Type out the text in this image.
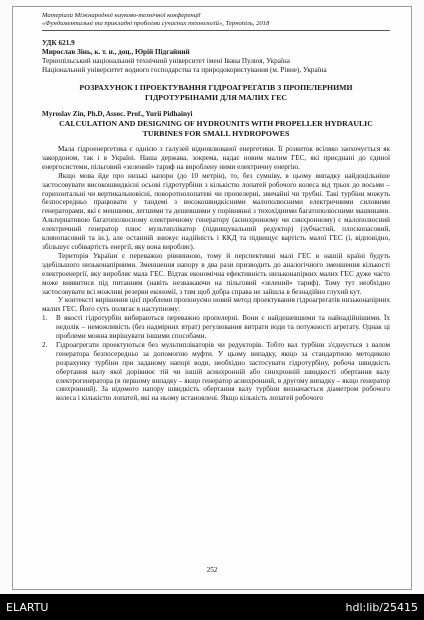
Матеріали Міжнародної науково-технічної конференції

«Фундаментальні та прикладні проблеми сучасних технологій», Тернопіль, 2018

УДК 621.9
Мирослав Зінь, к. т. н., доц., Юрій Підгайний
Тернопільський національний технічний університет імені Івана Пулюя, Україна
Національний університет водного господарства та природокористування (м. Рівне), Україна
РОЗРАХУНОК І ПРОЕКТУВАННЯ ГІДРОАГРЕГАТІВ З ПРОПЕЛЕРНИМИ ГІДРОТУРБІНАМИ ДЛЯ МАЛИХ ГЕС
Myroslav Zin, Ph.D, Assoc. Prof., Yurii Pidhainyi
CALCULATION AND DESIGNING OF HYDROUNITS WITH PROPELLER HYDRAULIC TURBINES FOR SMALL HYDROPOWES

Мала гідроенергетика є однією з галузей відновлюваної енергетики. Її розвиток всіляко заохочується як закордоном, так і в Україні. Наша держава, зокрема, надає новим малим ГЕС, які приєднані до єдиної енергосистеми, пільговий «зелений» тариф на вироблену ними електричну енергію.

Якщо мова йде про низькі напори (до 10 метрів), то, без сумніву, в цьому випадку найдоцільніше застосовувати високошвидкісні осьові гідротурбіни з кількістю лопатей робочого колеса від трьох до восьми – горизонтальні чи вертикальновісні, поворотнолопатеві чи пропелерні, звичайні чи трубні. Такі турбіни можуть безпосередньо працювати у тандемі з високошвидкісними малополюсними електричними силовими генераторами, які є меншими, легшими та дешевшими у порівнянні з тихохідними багатополюсними машинами. Альтернативою багатополюсному електричному генератору (асинхронному чи синхронному) є малополюсний електричний генератор плюс мультиплікатор (підвищувальний редуктор) (зубчастий, плоскопасовий, клинопасовий та ін.), але останній знижує надійність і ККД та підвищує вартість малої ГЕС (і, відповідно, збільшує собівартість енергії, яку вона виробляє).

Територія України є переважно рівнинною, тому й перспективні малі ГЕС в нашій країні будуть здебільшого низьконапірними. Зменшення напору в два рази призводить до аналогічного зменшення кількості електроенергії, яку виробляє мала ГЕС. Відтак економічна ефективність низьконапірних малих ГЕС дуже часто може виявитися під питанням (навіть незважаючи на пільговий «зелений» тариф). Тому тут необхідно застосовувати всі можливі резерви економії, з тим щоб добра справа не зайшла в безнадійно глухий кут.

У контексті вирішення цієї проблеми пропонуємо новий метод проектування гідроагрегатів низьконапірних малих ГЕС. Його суть полягає в наступному:

1. В якості гідротурбін вибираються переважно пропелерні. Вони є найдешевшими та найнадійнішими. Їх недолік – неможливість (без надмірних втрат) регулювання витрати води та потужності агрегату. Однак ці проблеми можна вирішувати іншими способами.
2. Гідроагрегати проектуються без мультиплікаторів чи редукторів. Тобто вал турбіни з'єднується з валом генератора безпосередньо за допомогою муфти. У цьому випадку, якщо за стандартною методикою розрахунку турбіни при заданому напорі води, необхідно застосувати гідротурбіну, робоча швидкість обертання валу якої дорівнює тій чи іншій асинхронній або синхронній швидкості обертання валу електрогенератора (в першому випадку – якщо генератор асинхронний, в другому випадку – якщо генератор синхронний). За відомого напору швидкість обертання валу турбіни визначається діаметром робочого колеса і кількістю лопатей, які на ньому встановлені. Якщо кількість лопатей робочого
252
ELARTU	hdl:lib/25415
